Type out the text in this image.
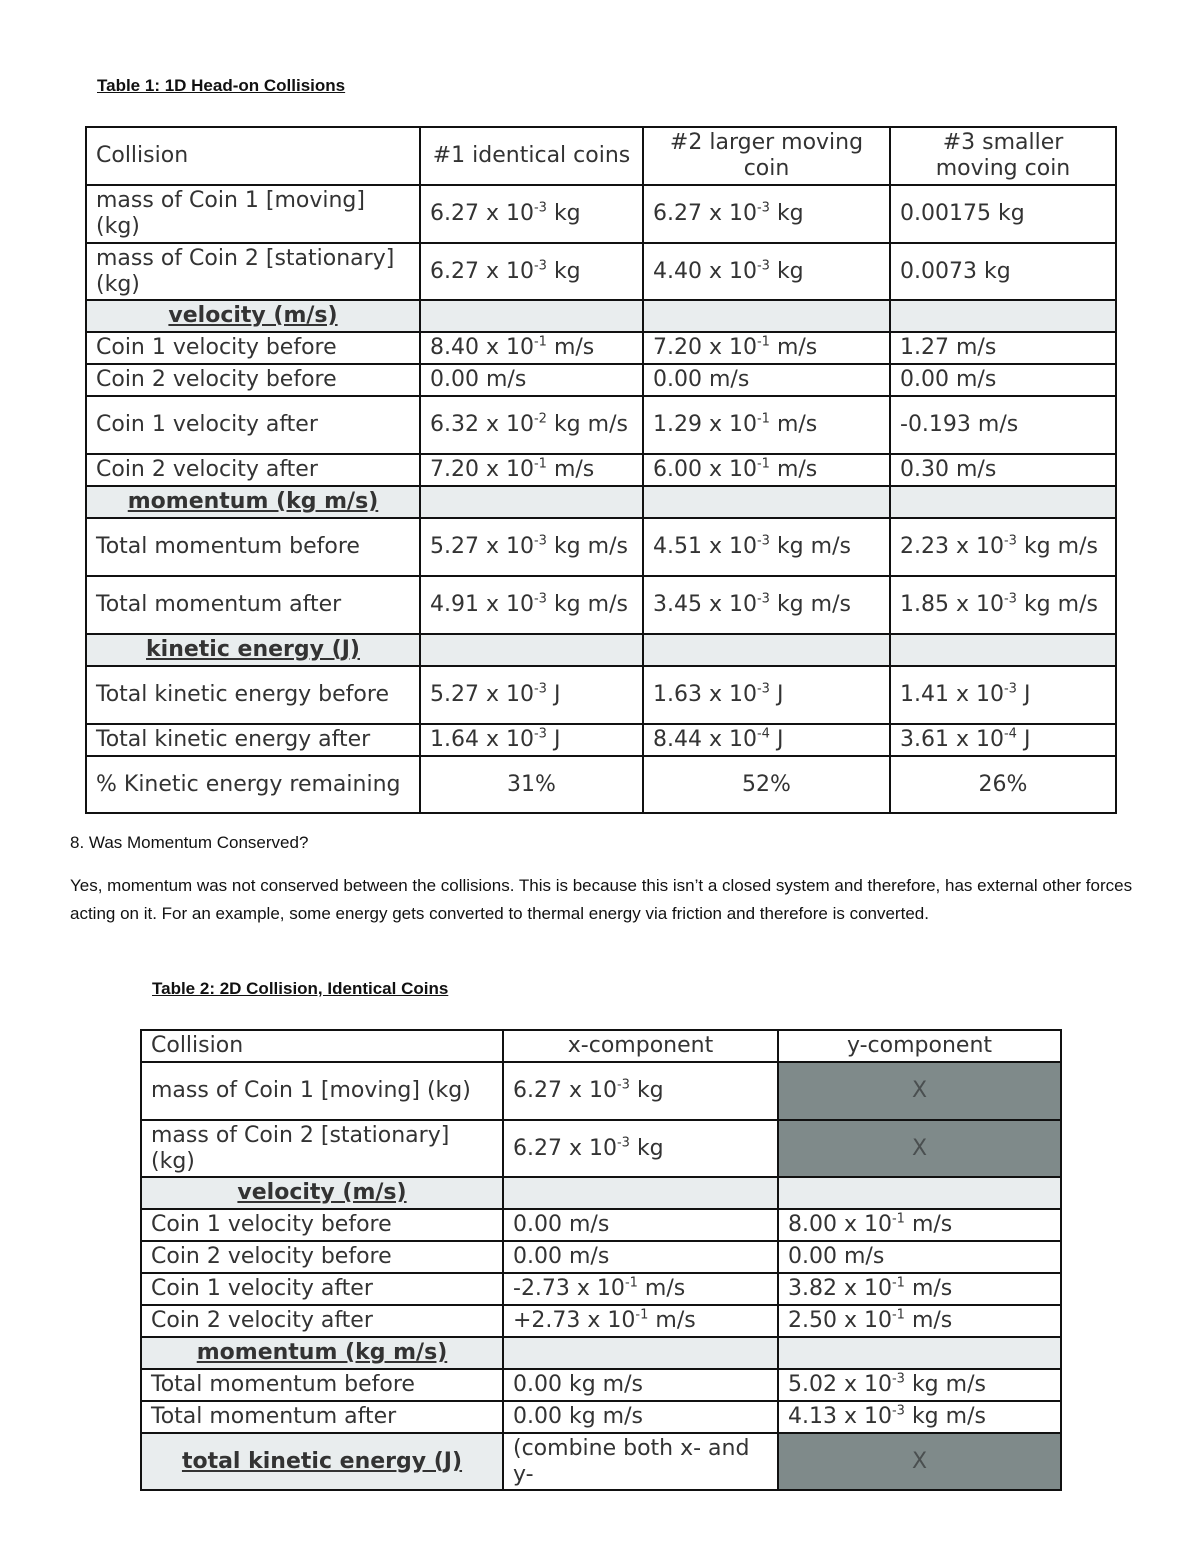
Table 1: 1D Head-on Collisions
Collision	#1 identical coins	#2 larger moving coin	#3 smaller moving coin
mass of Coin 1 [moving] (kg)	6.27 x $10^{-3}$ kg	6.27 x $10^{-3}$ kg	0.00175 kg
mass of Coin 2 [stationary] (kg)	6.27 x $10^{-3}$ kg	4.40 x $10^{-3}$ kg	0.0073 kg
velocity (m/s)			
Coin 1 velocity before	8.40 x $10^{-1}$ m/s	7.20 x $10^{-1}$ m/s	1.27 m/s
Coin 2 velocity before	0.00 m/s	0.00 m/s	0.00 m/s
Coin 1 velocity after	6.32 x $10^{-2}$ kg m/s	1.29 x $10^{-1}$ m/s	-0.193 m/s
Coin 2 velocity after	7.20 x $10^{-1}$ m/s	6.00 x $10^{-1}$ m/s	0.30 m/s
momentum (kg m/s)			
Total momentum before	5.27 x $10^{-3}$ kg m/s	4.51 x $10^{-3}$ kg m/s	2.23 x $10^{-3}$ kg m/s
Total momentum after	4.91 x $10^{-3}$ kg m/s	3.45 x $10^{-3}$ kg m/s	1.85 x $10^{-3}$ kg m/s
kinetic energy (J)			
Total kinetic energy before	5.27 x $10^{-3}$ J	1.63 x $10^{-3}$ J	1.41 x $10^{-3}$ J
Total kinetic energy after	1.64 x $10^{-3}$ J	8.44 x $10^{-4}$ J	3.61 x $10^{-4}$ J
% Kinetic energy remaining	31%	52%	26%
8. Was Momentum Conserved?
Yes, momentum was not conserved between the collisions. This is because this isn’t a closed system and therefore, has external other forces acting on it. For an example, some energy gets converted to thermal energy via friction and therefore is converted.
Table 2: 2D Collision, Identical Coins
Collision	x-component	y-component
mass of Coin 1 [moving] (kg)	6.27 x $10^{-3}$ kg	X
mass of Coin 2 [stationary] (kg)	6.27 x $10^{-3}$ kg	X
velocity (m/s)		
Coin 1 velocity before	0.00 m/s	8.00 x $10^{-1}$ m/s
Coin 2 velocity before	0.00 m/s	0.00 m/s
Coin 1 velocity after	-2.73 x $10^{-1}$ m/s	3.82 x $10^{-1}$ m/s
Coin 2 velocity after	+2.73 x $10^{-1}$ m/s	2.50 x $10^{-1}$ m/s
momentum (kg m/s)		
Total momentum before	0.00 kg m/s	5.02 x $10^{-3}$ kg m/s
Total momentum after	0.00 kg m/s	4.13 x $10^{-3}$ kg m/s
total kinetic energy (J)	(combine both x- and y-	X
